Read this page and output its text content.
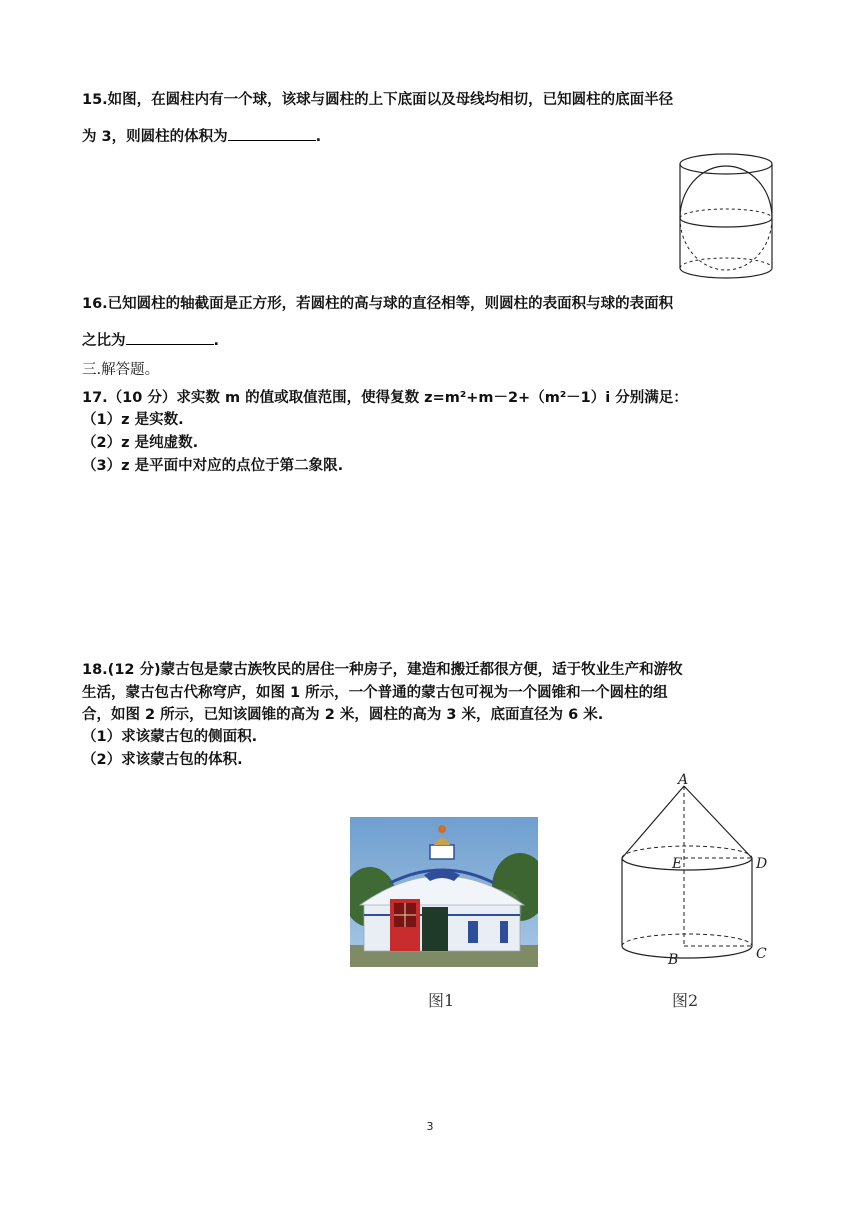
15.如图，在圆柱内有一个球，该球与圆柱的上下底面以及母线均相切，已知圆柱的底面半径
为 3，则圆柱的体积为	.
16.已知圆柱的轴截面是正方形，若圆柱的高与球的直径相等，则圆柱的表面积与球的表面积
之比为	.
三.解答题。
17.（10 分）求实数 m 的值或取值范围，使得复数 z=m²+m－2+（m²－1）i 分别满足：
（1）z 是实数.
（2）z 是纯虚数.
（3）z 是平面中对应的点位于第二象限.
18.(12 分)蒙古包是蒙古族牧民的居住一种房子，建造和搬迁都很方便，适于牧业生产和游牧
生活，蒙古包古代称穹庐，如图 1 所示，一个普通的蒙古包可视为一个圆锥和一个圆柱的组
合，如图 2 所示，已知该圆锥的高为 2 米，圆柱的高为 3 米，底面直径为 6 米.
（1）求该蒙古包的侧面积.
（2）求该蒙古包的体积.
图1
A
E	D
C
B
图2
3
